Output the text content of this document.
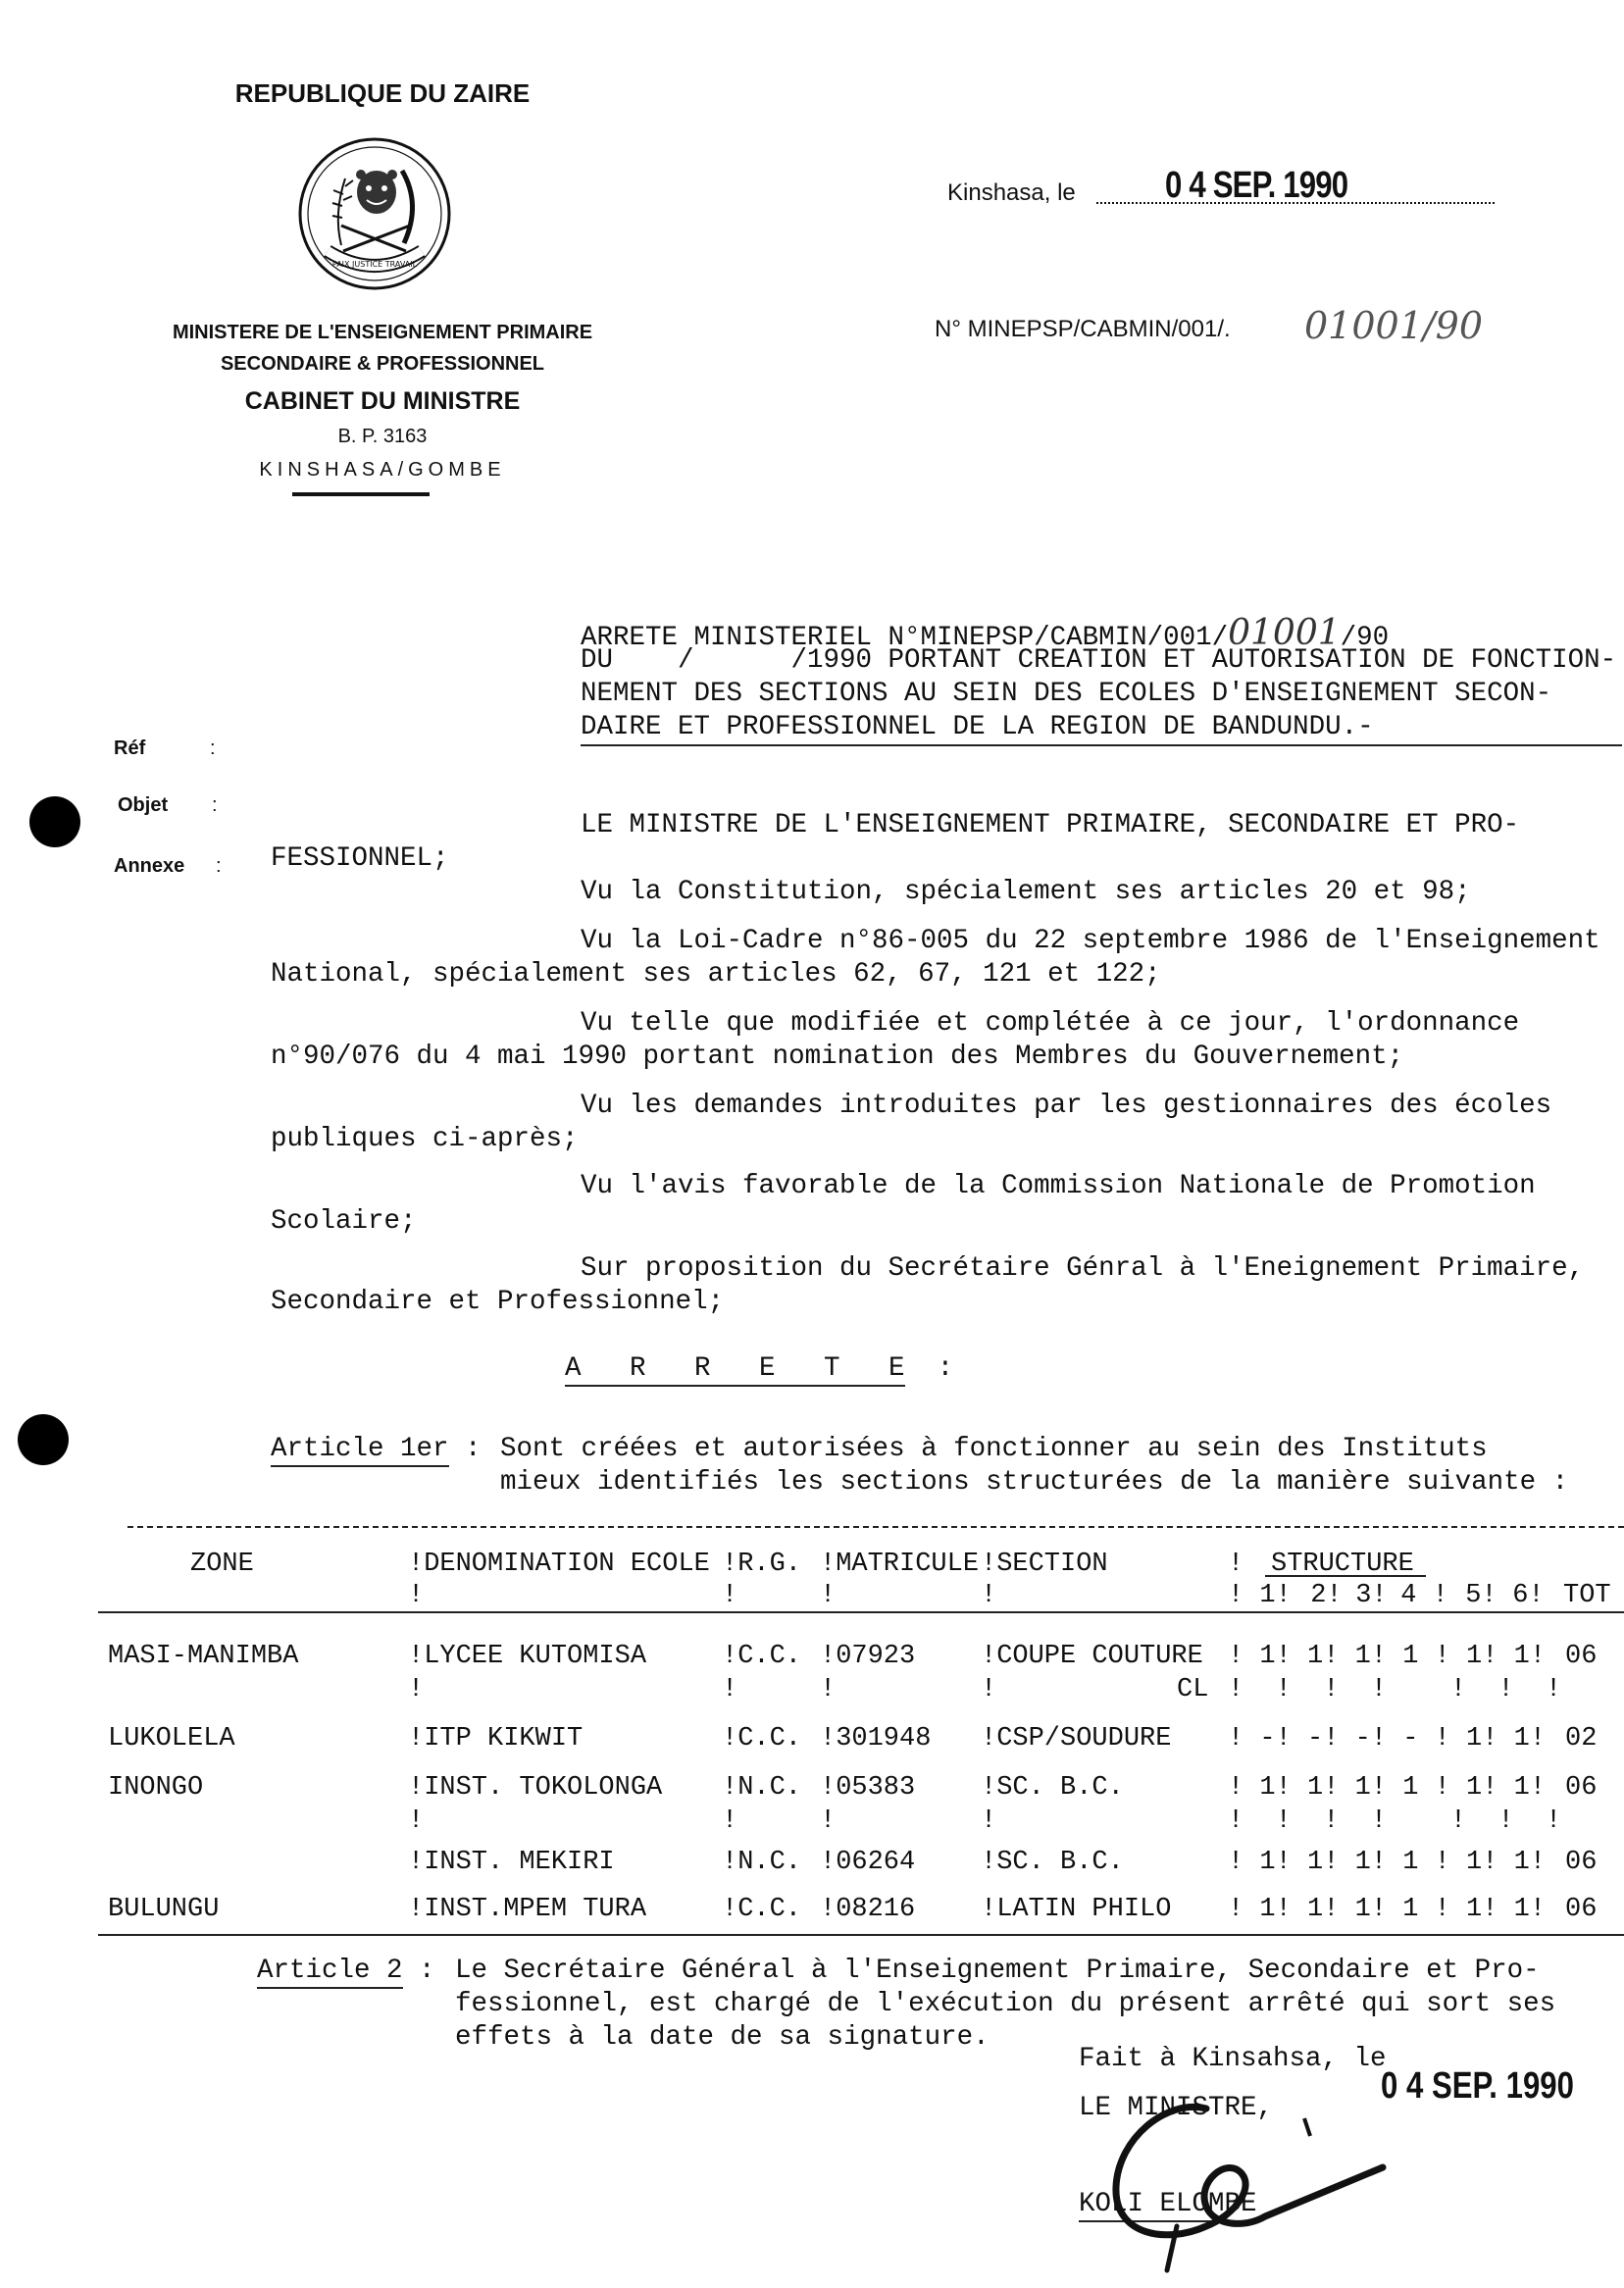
REPUBLIQUE DU ZAIRE
PAIX JUSTICE TRAVAIL
MINISTERE DE L'ENSEIGNEMENT PRIMAIRE
SECONDAIRE & PROFESSIONNEL
CABINET DU MINISTRE
B. P. 3163
KINSHASA/GOMBE
Kinshasa, le 0 4 SEP. 1990
N° MINEPSP/CABMIN/001/. 01001/90
ARRETE MINISTERIEL N°MINEPSP/CABMIN/001/01001/90
DU    /      /1990 PORTANT CREATION ET AUTORISATION DE FONCTION-
NEMENT DES SECTIONS AU SEIN DES ECOLES D'ENSEIGNEMENT SECON-
DAIRE ET PROFESSIONNEL DE LA REGION DE BANDUNDU.-
Réf	:
Objet :
Annexe :
LE MINISTRE DE L'ENSEIGNEMENT PRIMAIRE, SECONDAIRE ET PRO-
FESSIONNEL;
Vu la Constitution, spécialement ses articles 20 et 98;
Vu la Loi-Cadre n°86-005 du 22 septembre 1986 de l'Enseignement
National, spécialement ses articles 62, 67, 121 et 122;
Vu telle que modifiée et complétée à ce jour, l'ordonnance
n°90/076 du 4 mai 1990 portant nomination des Membres du Gouvernement;
Vu les demandes introduites par les gestionnaires des écoles
publiques ci-après;
Vu l'avis favorable de la Commission Nationale de Promotion
Scolaire;
Sur proposition du Secrétaire Génral à l'Eneignement Primaire,
Secondaire et Professionnel;
A   R   R   E   T   E :
Article 1er : Sont créées et autorisées à fonctionner au sein des Instituts
mieux identifiés les sections structurées de la manière suivante :
ZONE	!DENOMINATION ECOLE !R.G. !MATRICULE !SECTION	! STRUCTURE
!	!	!	!	! 1! 2! 3! 4 ! 5! 6! TOT
MASI-MANIMBA	!LYCEE KUTOMISA	!C.C. !07923 !COUPE COUTURE ! 1! 1! 1! 1 ! 1! 1! 06
!	!	!	!	CL !  !  !  !    !  !  !
LUKOLELA	!ITP KIKWIT	!C.C. !301948 !CSP/SOUDURE ! -! -! -! - ! 1! 1! 02
INONGO	!INST. TOKOLONGA !N.C. !05383 !SC. B.C.	! 1! 1! 1! 1 ! 1! 1! 06
!	!	!	!	!  !  !  !    !  !  !
!INST. MEKIRI	!N.C. !06264 !SC. B.C.	! 1! 1! 1! 1 ! 1! 1! 06
BULUNGU	!INST.MPEM TURA	!C.C. !08216 !LATIN PHILO ! 1! 1! 1! 1 ! 1! 1! 06
Article 2 : Le Secrétaire Général à l'Enseignement Primaire, Secondaire et Pro-
fessionnel, est chargé de l'exécution du présent arrêté qui sort ses
effets à la date de sa signature.
Fait à Kinsahsa, le
0 4 SEP. 1990
LE MINISTRE,
KOLI ELOMBE
